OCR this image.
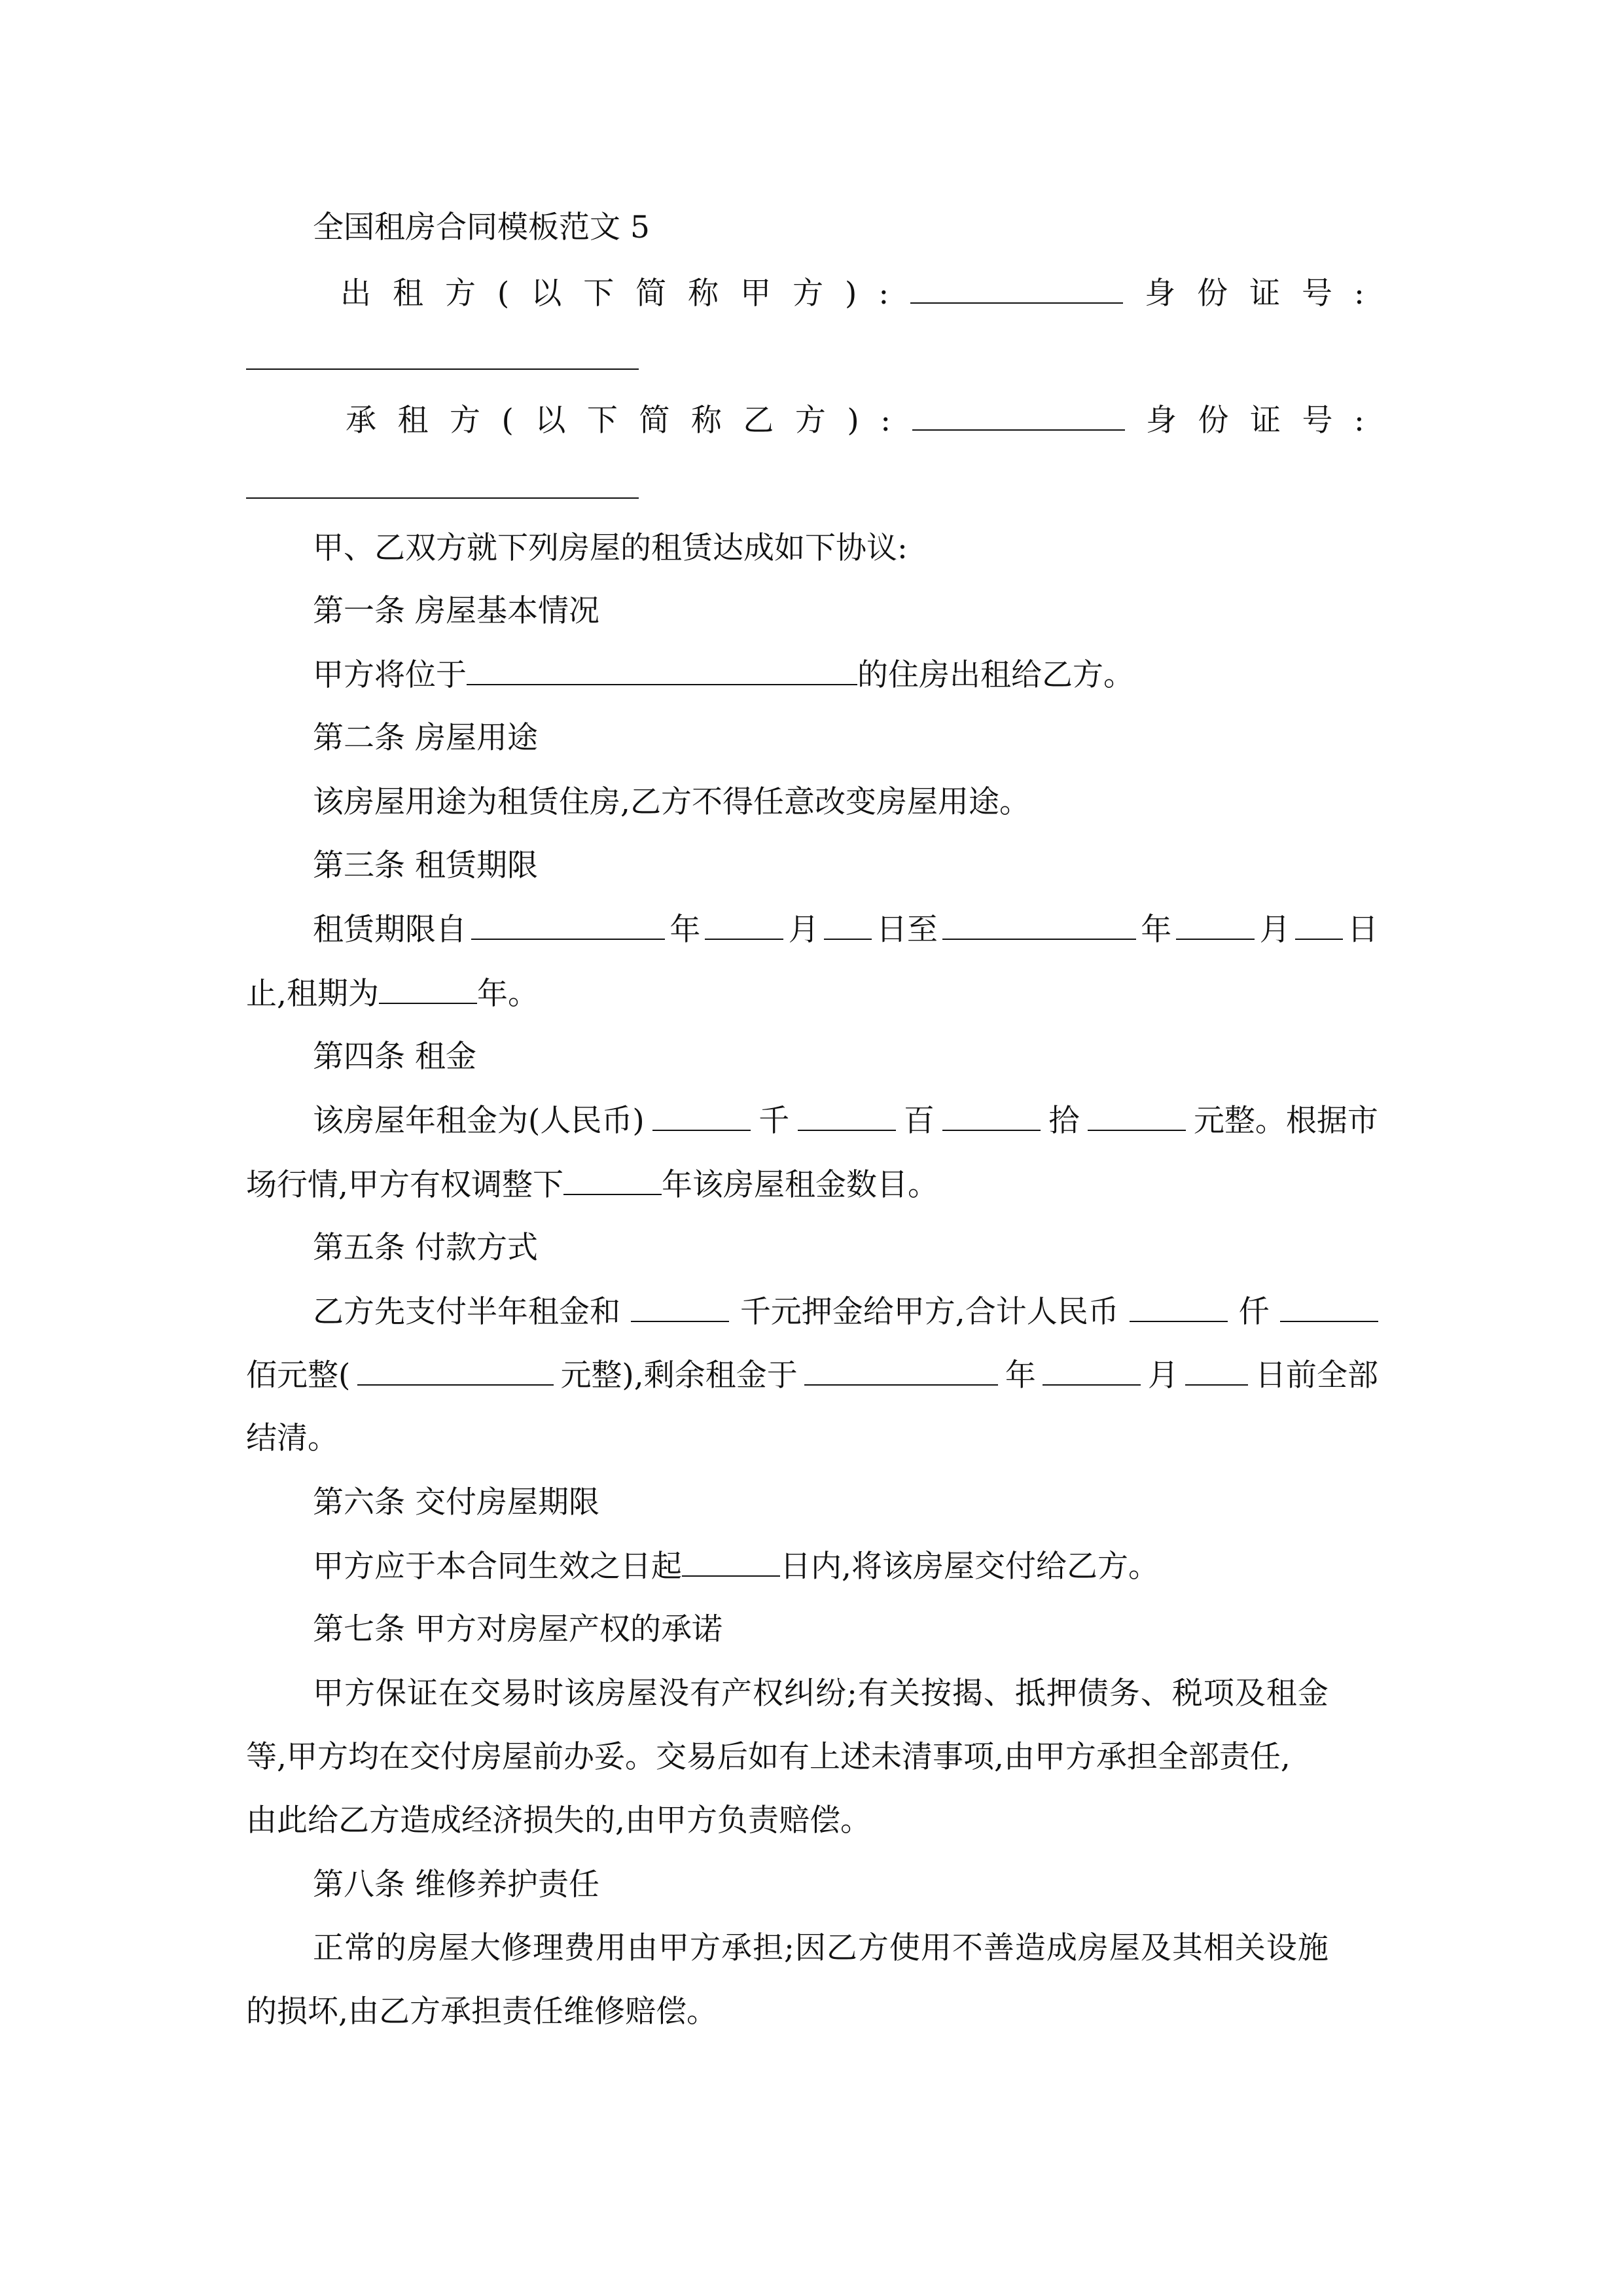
全国租房合同模板范文 5
出 租 方 ( 以 下 简 称 甲 方 ) :	身 份 证 号 :
承 租 方 ( 以 下 简 称 乙 方 ) :	身 份 证 号 :
甲、乙双方就下列房屋的租赁达成如下协议:
第一条 房屋基本情况
甲方将位于	的住房出租给乙方。
第二条 房屋用途
该房屋用途为租赁住房,乙方不得任意改变房屋用途。
第三条 租赁期限
租赁期限自	年	月 日至	年	月 日
止,租期为	年。
第四条 租金
该房屋年租金为(人民币)	千	百	拾	元整。根据市
场行情,甲方有权调整下	年该房屋租金数目。
第五条 付款方式
乙方先支付半年租金和	千元押金给甲方,合计人民币	仟
佰元整(	元整),剩余租金于	年	月 日前全部
结清。
第六条 交付房屋期限
甲方应于本合同生效之日起	日内,将该房屋交付给乙方。
第七条 甲方对房屋产权的承诺
甲方保证在交易时该房屋没有产权纠纷;有关按揭、抵押债务、税项及租金
等,甲方均在交付房屋前办妥。交易后如有上述未清事项,由甲方承担全部责任,
由此给乙方造成经济损失的,由甲方负责赔偿。
第八条 维修养护责任
正常的房屋大修理费用由甲方承担;因乙方使用不善造成房屋及其相关设施
的损坏,由乙方承担责任维修赔偿。
